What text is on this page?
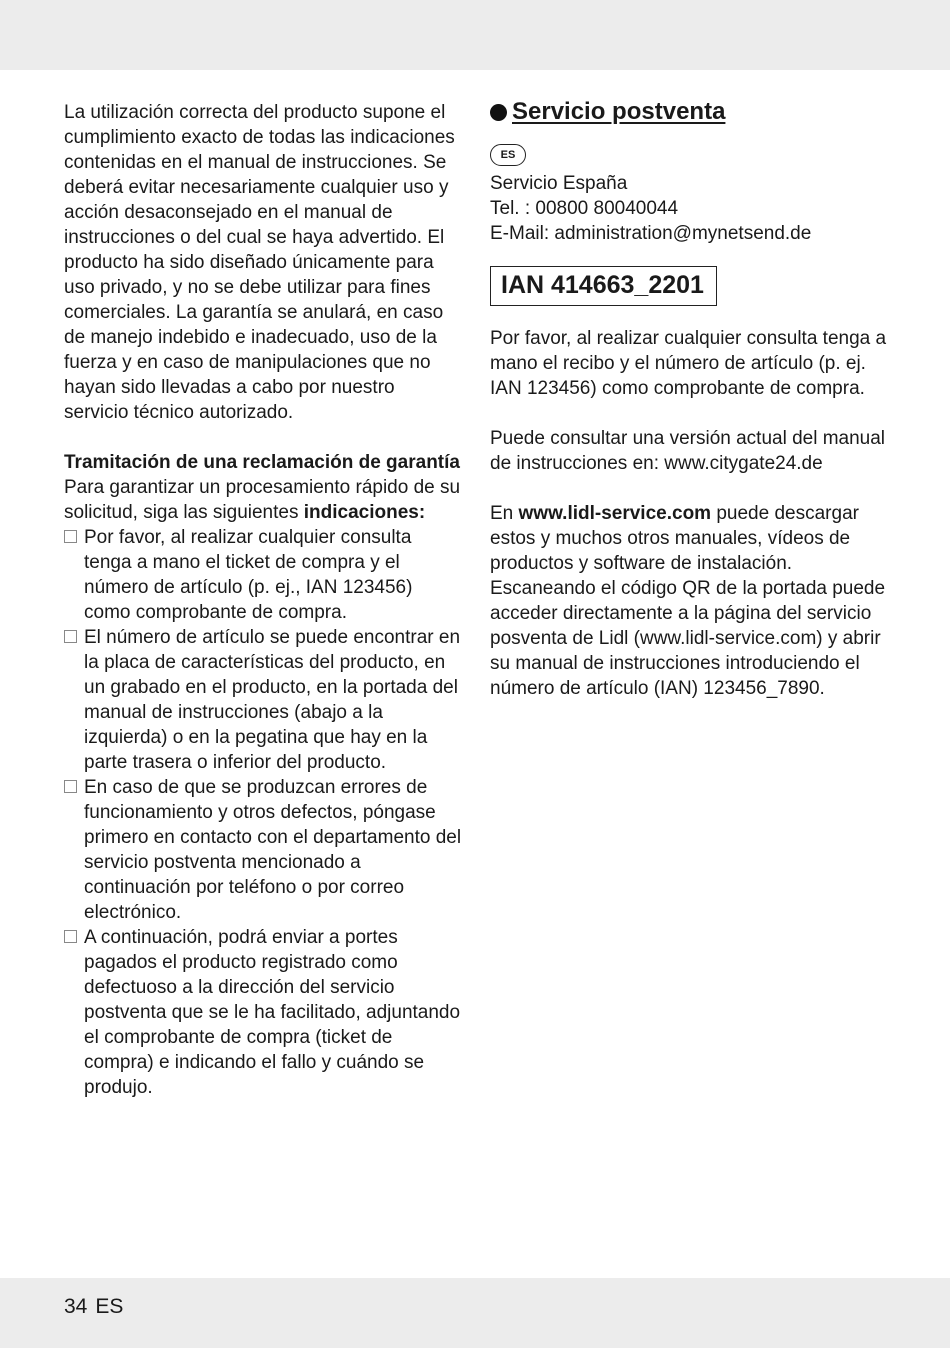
La utilización correcta del producto supone el cumplimiento exacto de todas las indicaciones contenidas en el manual de instrucciones. Se deberá evitar necesariamente cualquier uso y acción desaconsejado en el manual de instrucciones o del cual se haya advertido. El producto ha sido diseñado únicamente para uso privado, y no se debe utilizar para fines comerciales. La garantía se anulará, en caso de manejo indebido e inadecuado, uso de la fuerza y en caso de manipulaciones que no hayan sido llevadas a cabo por nuestro servicio técnico autorizado.

Tramitación de una reclamación de garantía

Para garantizar un procesamiento rápido de su solicitud, siga las siguientes indicaciones:

Por favor, al realizar cualquier consulta tenga a mano el ticket de compra y el número de artículo (p. ej., IAN 123456) como comprobante de compra.
El número de artículo se puede encontrar en la placa de características del producto, en un grabado en el producto, en la portada del manual de instrucciones (abajo a la izquierda) o en la pegatina que hay en la parte trasera o inferior del producto.
En caso de que se produzcan errores de funcionamiento y otros defectos, póngase primero en contacto con el departamento del servicio postventa mencionado a continuación por teléfono o por correo electrónico.
A continuación, podrá enviar a portes pagados el producto registrado como defectuoso a la dirección del servicio postventa que se le ha facilitado, adjuntando el comprobante de compra (ticket de compra) e indicando el fallo y cuándo se produjo.
Servicio postventa
ES

Servicio España

Tel. : 00800 80040044

E-Mail: administration@mynetsend.de

IAN 414663_2201

Por favor, al realizar cualquier consulta tenga a mano el recibo y el número de artículo (p. ej. IAN 123456) como comprobante de compra.

Puede consultar una versión actual del manual de instrucciones en: www.citygate24.de

En www.lidl-service.com puede descargar estos y muchos otros manuales, vídeos de productos y software de instalación.

Escaneando el código QR de la portada puede acceder directamente a la página del servicio posventa de Lidl (www.lidl-service.com) y abrir su manual de instrucciones introduciendo el número de artículo (IAN) 123456_7890.

34 ES
